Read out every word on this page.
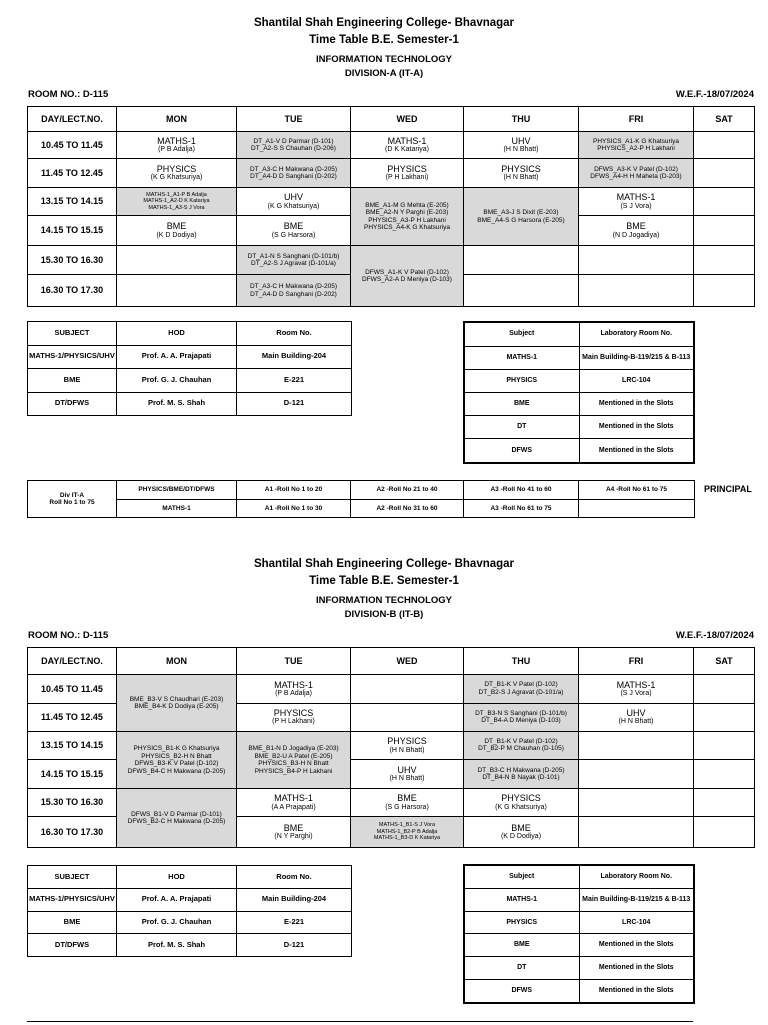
Shantilal Shah Engineering College- Bhavnagar
Time Table B.E. Semester-1
INFORMATION TECHNOLOGY
DIVISION-A (IT-A)
ROOM NO.: D-115	W.E.F.-18/07/2024
DAY/LECT.NO.	MON	TUE	WED	THU	FRI	SAT
10.45 TO 11.45	MATHS-1
(P B Adalja)	DT_A1-V D Parmar (D-101)
DT_A2-S S Chauhan (D-206)	MATHS-1
(D K Katariya)	UHV
(H N Bhatt)	PHYSICS_A1-K G Khatsuriya
PHYSICS_A2-P H Lakhani	

11.45 TO 12.45	PHYSICS
(K G Khatsuriya)	DT_A3-C H Makwana (D-205)
DT_A4-D D Sanghani (D-202)	PHYSICS
(P H Lakhani)	PHYSICS
(H N Bhatt)	DFWS_A3-K V Patel (D-102)
DFWS_A4-H H Maheta (D-203)	

13.15 TO 14.15	MATHS-1_A1-P B Adalja
MATHS-1_A2-D K Katariya
MATHS-1_A3-S J Vora	UHV
(K G Khatsuriya)	BME_A1-M G Mehta (E-205)
BME_A2-N Y Parghi (E-203)
PHYSICS_A3-P H Lakhani
PHYSICS_A4-K G Khatsuriya	BME_A3-J S Dixit (E-203)
BME_A4-S G Harsora (E-205)	MATHS-1
(S J Vora)	

14.15 TO 15.15	BME
(K D Dodiya)	BME
(S G Harsora)			BME
(N D Jogadiya)	

15.30 TO 16.30		DT_A1-N S Sanghani (D-101/b)
DT_A2-S J Agravat (D-101/a)	DFWS_A1-K V Patel (D-102)
DFWS_A2-A D Meniya (D-103)			

16.30 TO 17.30		DT_A3-C H Makwana (D-205)
DT_A4-D D Sanghani (D-202)				

SUBJECT	HOD	Room No.
MATHS-1/PHYSICS/UHV	Prof. A. A. Prajapati	Main Building-204
BME	Prof. G. J. Chauhan	E-221
DT/DFWS	Prof. M. S. Shah	D-121
Subject	Laboratory Room No.
MATHS-1	Main Building-B-119/215 & B-113
PHYSICS	LRC-104
BME	Mentioned in the Slots
DT	Mentioned in the Slots
DFWS	Mentioned in the Slots
Div IT-A
Roll No 1 to 75	PHYSICS/BME/DT/DFWS	A1 -Roll No 1 to 20	A2 -Roll No 21 to 40	A3 -Roll No 41 to 60	A4 -Roll No 61 to 75
	MATHS-1	A1 -Roll No 1 to 30	A2 -Roll No 31 to 60	A3 -Roll No 61 to 75	
PRINCIPAL
Shantilal Shah Engineering College- Bhavnagar
Time Table B.E. Semester-1
INFORMATION TECHNOLOGY
DIVISION-B (IT-B)
ROOM NO.: D-115	W.E.F.-18/07/2024
DAY/LECT.NO.	MON	TUE	WED	THU	FRI	SAT
10.45 TO 11.45	BME_B3-V S Chaudhari (E-203)
BME_B4-K D Dodiya (E-205)	MATHS-1
(P B Adalja)		DT_B1-K V Patel (D-102)
DT_B2-S J Agravat (D-101/a)	MATHS-1
(S J Vora)	

11.45 TO 12.45		PHYSICS
(P H Lakhani)		DT_B3-N S Sanghani (D-101/b)
DT_B4-A D Meniya (D-103)	UHV
(H N Bhatt)	

13.15 TO 14.15	PHYSICS_B1-K G Khatsuriya
PHYSICS_B2-H N Bhatt
DFWS_B3-K V Patel (D-102)
DFWS_B4-C H Makwana (D-205)	BME_B1-N D Jogadiya (E-203)
BME_B2-U A Patel (E-205)
PHYSICS_B3-H N Bhatt
PHYSICS_B4-P H Lakhani	PHYSICS
(H N Bhatt)	DT_B1-K V Patel (D-102)
DT_B2-P M Chauhan (D-105)		

14.15 TO 15.15			UHV
(H N Bhatt)	DT_B3-C H Makwana (D-205)
DT_B4-N B Nayak (D-101)		

15.30 TO 16.30	DFWS_B1-V D Parmar (D-101)
DFWS_B2-C H Makwana (D-205)	MATHS-1
(A A Prajapati)	BME
(S G Harsora)	PHYSICS
(K G Khatsuriya)		

16.30 TO 17.30		BME
(N Y Parghi)	MATHS-1_B1-S J Vora
MATHS-1_B2-P B Adalja
MATHS-1_B3-D K Katariya	BME
(K D Dodiya)		

SUBJECT	HOD	Room No.
MATHS-1/PHYSICS/UHV	Prof. A. A. Prajapati	Main Building-204
BME	Prof. G. J. Chauhan	E-221
DT/DFWS	Prof. M. S. Shah	D-121
Subject	Laboratory Room No.
MATHS-1	Main Building-B-119/215 & B-113
PHYSICS	LRC-104
BME	Mentioned in the Slots
DT	Mentioned in the Slots
DFWS	Mentioned in the Slots
